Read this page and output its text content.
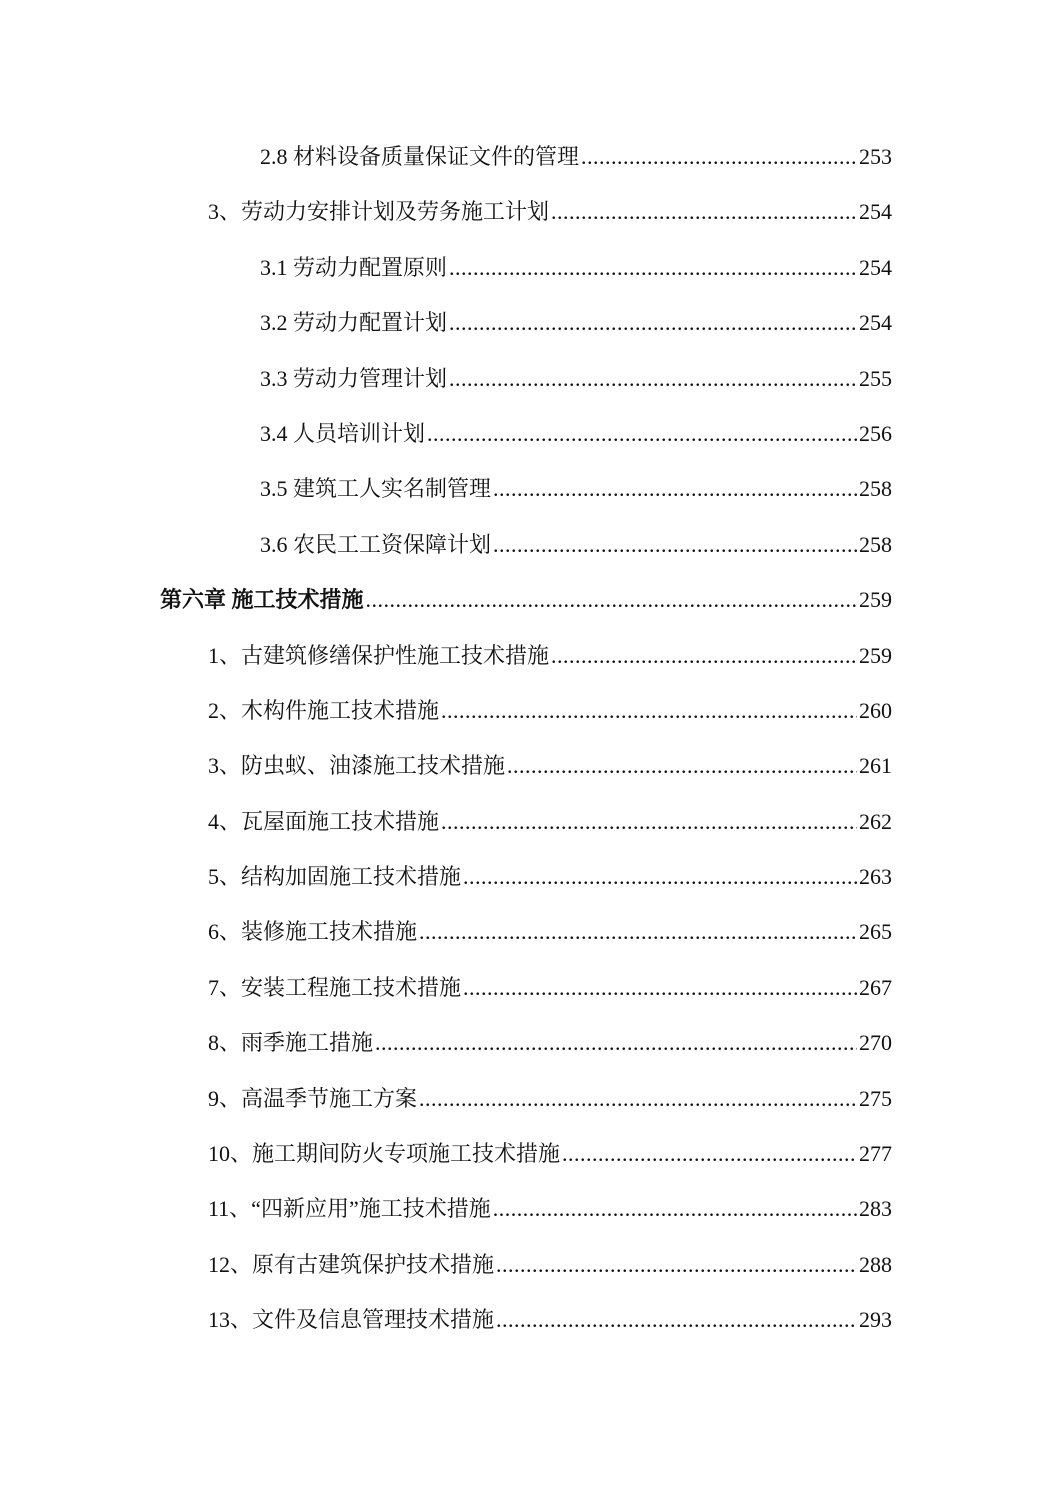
2.8 材料设备质量保证文件的管理 .....	253
3、劳动力安排计划及劳务施工计划 .....	254
3.1 劳动力配置原则 .....	254
3.2 劳动力配置计划 .....	254
3.3 劳动力管理计划 .....	255
3.4 人员培训计划 .....	256
3.5 建筑工人实名制管理 .....	258
3.6 农民工工资保障计划 .....	258
第六章 施工技术措施 .....	259
1、古建筑修缮保护性施工技术措施 .....	259
2、木构件施工技术措施 .....	260
3、防虫蚁、油漆施工技术措施 .....	261
4、瓦屋面施工技术措施 .....	262
5、结构加固施工技术措施 .....	263
6、装修施工技术措施 .....	265
7、安装工程施工技术措施 .....	267
8、雨季施工措施 .....	270
9、高温季节施工方案 .....	275
10、施工期间防火专项施工技术措施 .....	277
11、“四新应用”施工技术措施 .....	283
12、原有古建筑保护技术措施 .....	288
13、文件及信息管理技术措施 .....	293
